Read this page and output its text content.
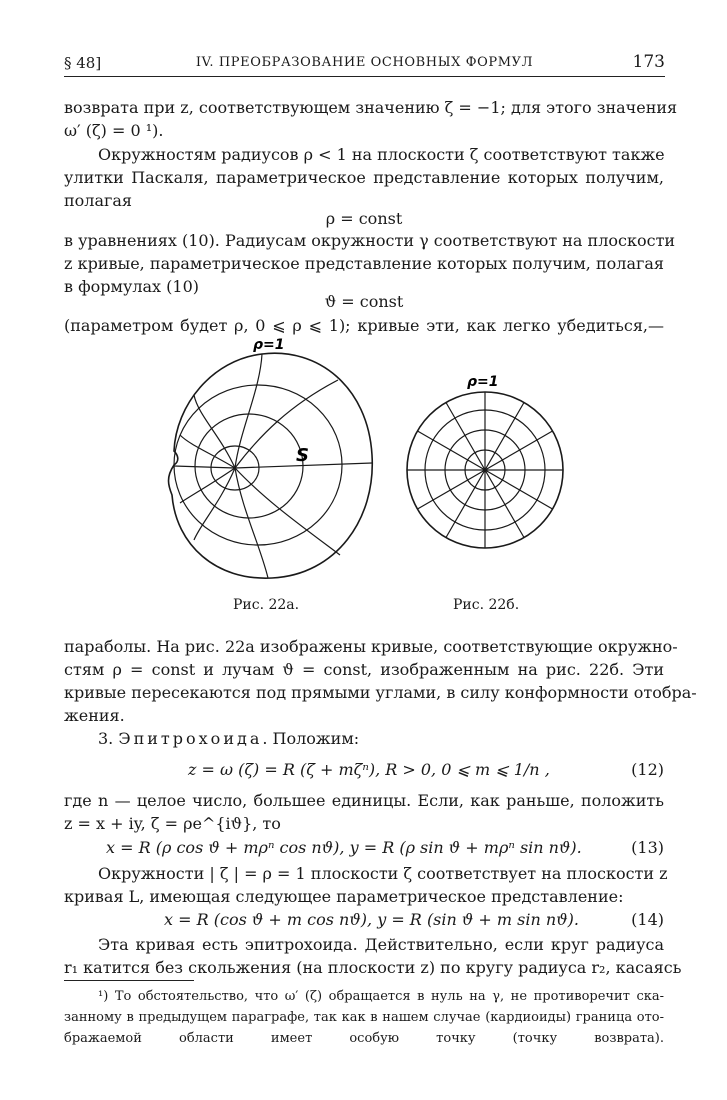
§ 48]	IV. ПРЕОБРАЗОВАНИЕ ОСНОВНЫХ ФОРМУЛ	173
возврата при z, соответствующем значению ζ = −1; для этого значения
ω′ (ζ) = 0 ¹).
Окружностям радиусов ρ < 1 на плоскости ζ соответствуют также
улитки Паскаля, параметрическое представление которых получим,
полагая
ρ = const
в уравнениях (10). Радиусам окружности γ соответствуют на плоскости
z кривые, параметрическое представление которых получим, полагая
в формулах (10)
ϑ = const
(параметром будет ρ, 0 ⩽ ρ ⩽ 1); кривые эти, как легко убедиться,—
ρ=1
S
ρ=1
Рис. 22а.	Рис. 22б.
параболы. На рис. 22а изображены кривые, соответствующие окружно-
стям ρ = const и лучам ϑ = const, изображенным на рис. 22б. Эти
кривые пересекаются под прямыми углами, в силу конформности отобра-
жения.
3. Эпитрохоида. Положим:
z = ω (ζ) = R (ζ + mζⁿ), R > 0, 0 ⩽ m ⩽ 1/n ,	(12)
где n — целое число, большее единицы. Если, как раньше, положить
z = x + iy, ζ = ρe^{iϑ}, то
x = R (ρ cos ϑ + mρⁿ cos nϑ), y = R (ρ sin ϑ + mρⁿ sin nϑ).	(13)
Окружности | ζ | = ρ = 1 плоскости ζ соответствует на плоскости z
кривая L, имеющая следующее параметрическое представление:
x = R (cos ϑ + m cos nϑ), y = R (sin ϑ + m sin nϑ).	(14)
Эта кривая есть эпитрохоида. Действительно, если круг радиуса
r₁ катится без скольжения (на плоскости z) по кругу радиуса r₂, касаясь
¹) То обстоятельство, что ω′ (ζ) обращается в нуль на γ, не противоречит ска-
занному в предыдущем параграфе, так как в нашем случае (кардиоиды) граница ото-
бражаемой области имеет особую точку (точку возврата).
